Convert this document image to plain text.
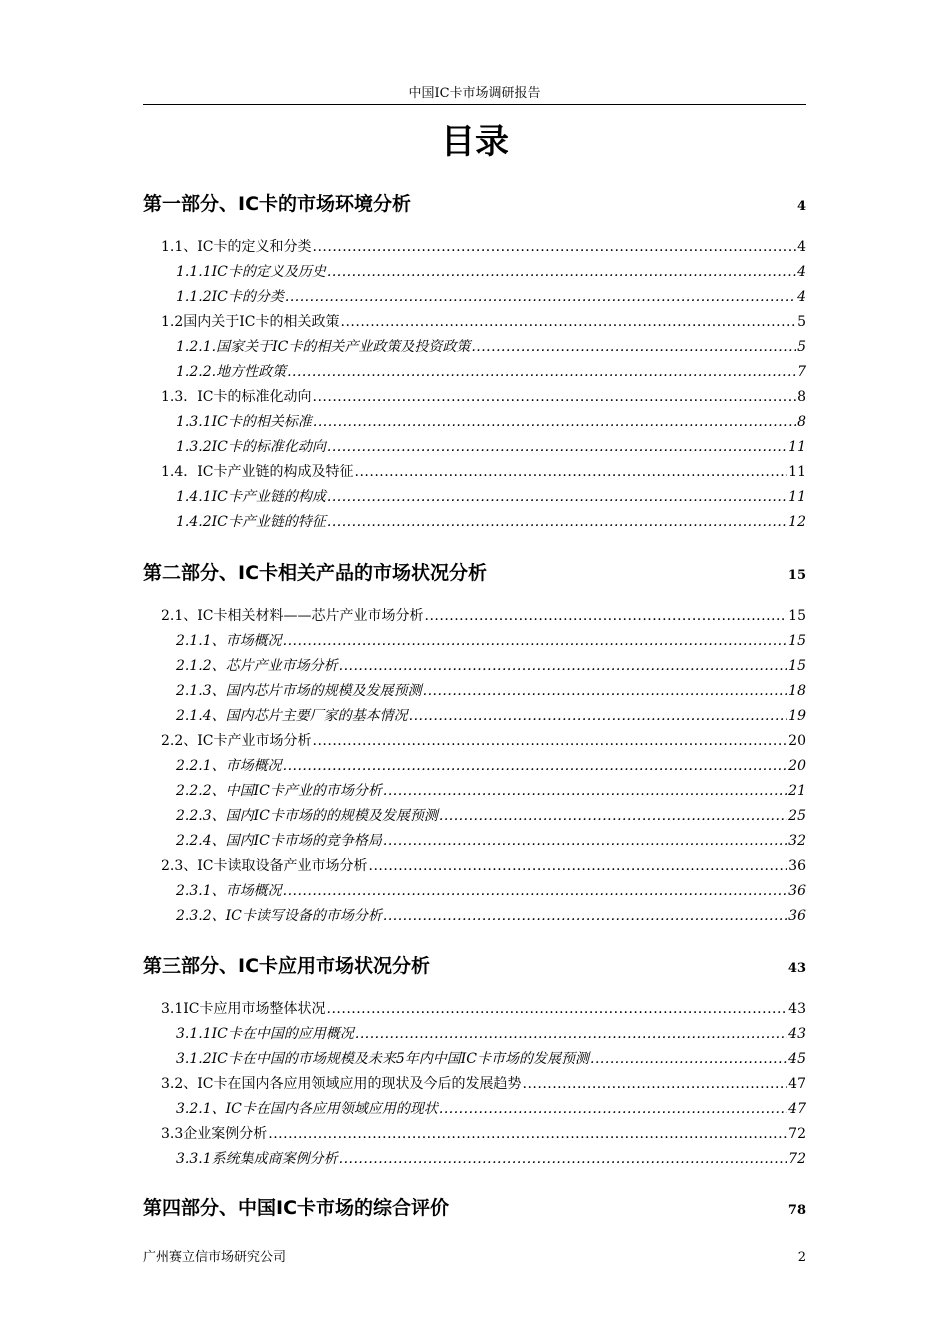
中国IC卡市场调研报告
目录
第一部分、IC卡的市场环境分析 .....	4
1.1、IC卡的定义和分类 .....	4
1.1.1IC卡的定义及历史 .....	4
1.1.2IC卡的分类 .....	4
1.2国内关于IC卡的相关政策 .....	5
1.2.1.国家关于IC卡的相关产业政策及投资政策 .....	5
1.2.2.地方性政策 .....	7
1.3．IC卡的标准化动向 .....	8
1.3.1IC卡的相关标准 .....	8
1.3.2IC卡的标准化动向 .....	11
1.4．IC卡产业链的构成及特征 .....	11
1.4.1IC卡产业链的构成 .....	11
1.4.2IC卡产业链的特征 .....	12
第二部分、IC卡相关产品的市场状况分析 .....	15
2.1、IC卡相关材料——芯片产业市场分析 .....	15
2.1.1、市场概况 .....	15
2.1.2、芯片产业市场分析 .....	15
2.1.3、国内芯片市场的规模及发展预测 .....	18
2.1.4、国内芯片主要厂家的基本情况 .....	19
2.2、IC卡产业市场分析 .....	20
2.2.1、市场概况 .....	20
2.2.2、中国IC卡产业的市场分析 .....	21
2.2.3、国内IC卡市场的的规模及发展预测 .....	25
2.2.4、国内IC卡市场的竞争格局 .....	32
2.3、IC卡读取设备产业市场分析 .....	36
2.3.1、市场概况 .....	36
2.3.2、IC卡读写设备的市场分析 .....	36
第三部分、IC卡应用市场状况分析 .....	43
3.1IC卡应用市场整体状况 .....	43
3.1.1IC卡在中国的应用概况 .....	43
3.1.2IC卡在中国的市场规模及未来5年内中国IC卡市场的发展预测 .....	45
3.2、IC卡在国内各应用领域应用的现状及今后的发展趋势 .....	47
3.2.1、IC卡在国内各应用领域应用的现状 .....	47
3.3企业案例分析 .....	72
3.3.1系统集成商案例分析 .....	72
第四部分、中国IC卡市场的综合评价 .....	78
广州赛立信市场研究公司	2
